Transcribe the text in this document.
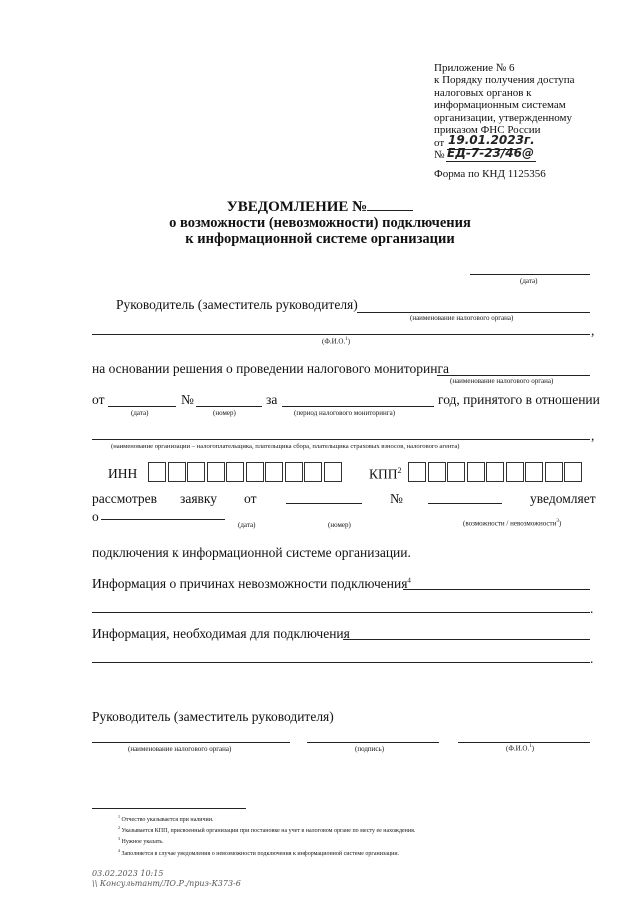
Приложение № 6
к Порядку получения доступа
налоговых органов к
информационным системам
организации, утвержденному
приказом ФНС России
от 19.01.2023г.
№ ЕД-7-23/46@
Форма по КНД 1125356
УВЕДОМЛЕНИЕ №
о возможности (невозможности) подключения
к информационной системе организации
(дата)
Руководитель (заместитель руководителя)
(наименование налогового органа)
,
(Ф.И.О.$^1$)
на основании решения о проведении налогового мониторинга
(наименование налогового органа)
от	№	за	год, принятого в отношении
(дата)	(номер)	(период налогового мониторинга)
,
(наименование организации – налогоплательщика, плательщика сбора, плательщика страховых взносов, налогового агента)
ИНН	КПП$^2$
рассмотрев заявку от	№	уведомляет
о
(дата)	(номер)	(возможности / невозможности$^3$)
подключения к информационной системе организации.
Информация о причинах невозможности подключения$^4$
.
Информация, необходимая для подключения
.
Руководитель (заместитель руководителя)
(наименование налогового органа)	(подпись)	(Ф.И.О.$^1$)
$^1$ Отчество указывается при наличии.
$^2$ Указывается КПП, присвоенный организации при постановке на учет в налоговом органе по месту ее нахождения.
$^3$ Нужное указать.
$^4$ Заполняется в случае уведомления о невозможности подключения к информационной системе организации.
03.02.2023 10:15
\\ Консультант/ЛО.Р./приз-К373-6
